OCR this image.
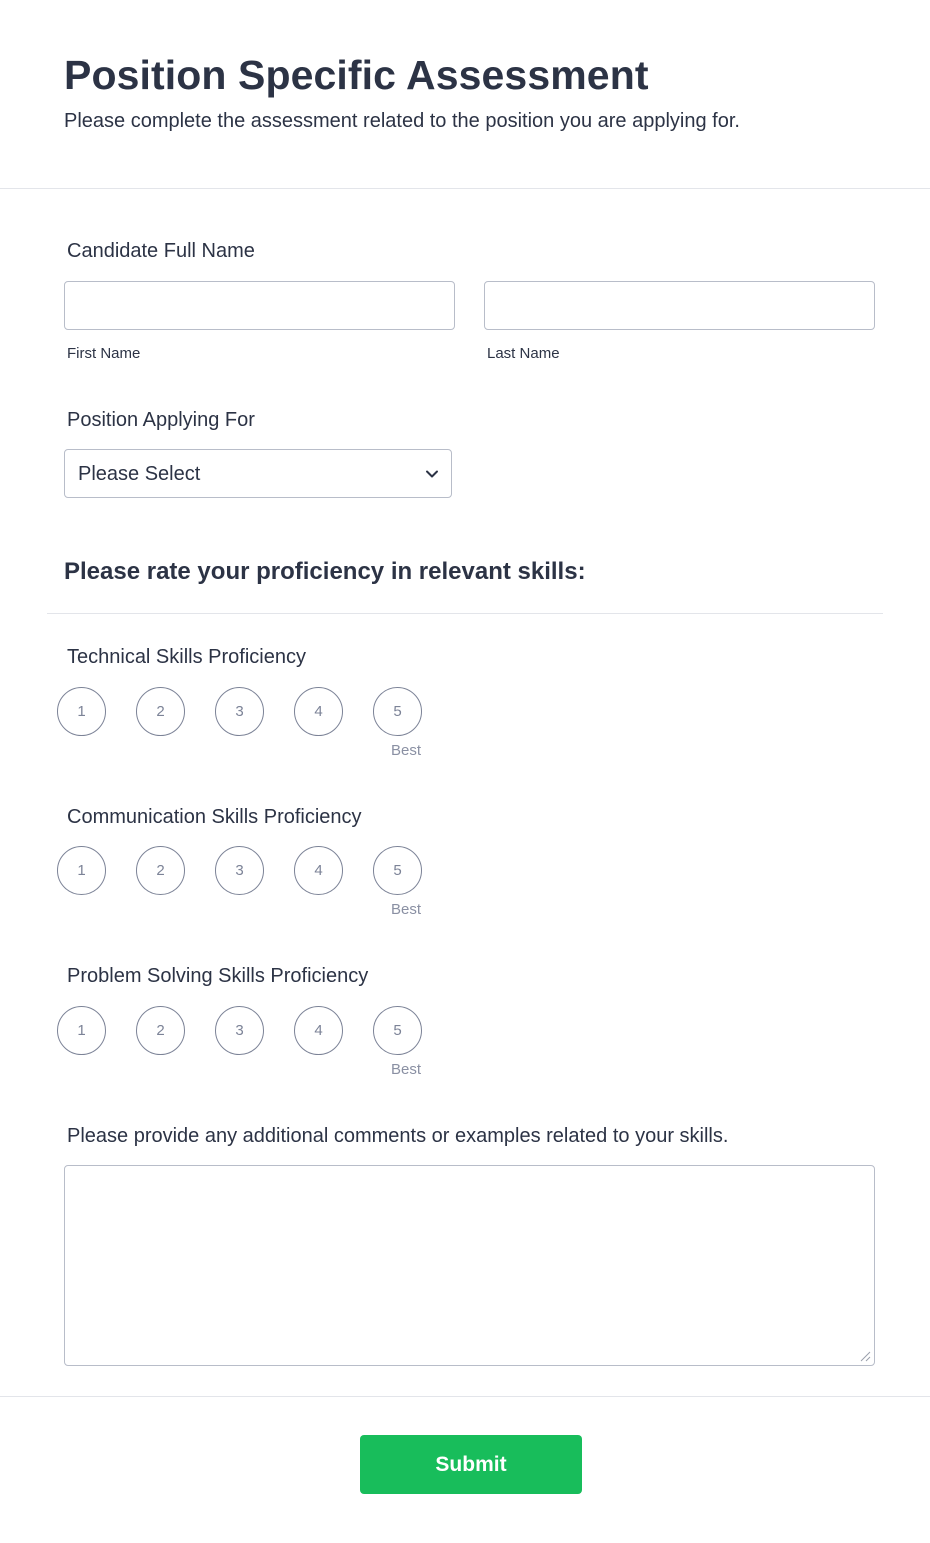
Position Specific Assessment
Please complete the assessment related to the position you are applying for.
Candidate Full Name
First Name	Last Name
Position Applying For
Please Select
Please rate your proficiency in relevant skills:
Technical Skills Proficiency
1	2	3	4	5
Best
Communication Skills Proficiency
1	2	3	4	5
Best
Problem Solving Skills Proficiency
1	2	3	4	5
Best
Please provide any additional comments or examples related to your skills.
Submit
